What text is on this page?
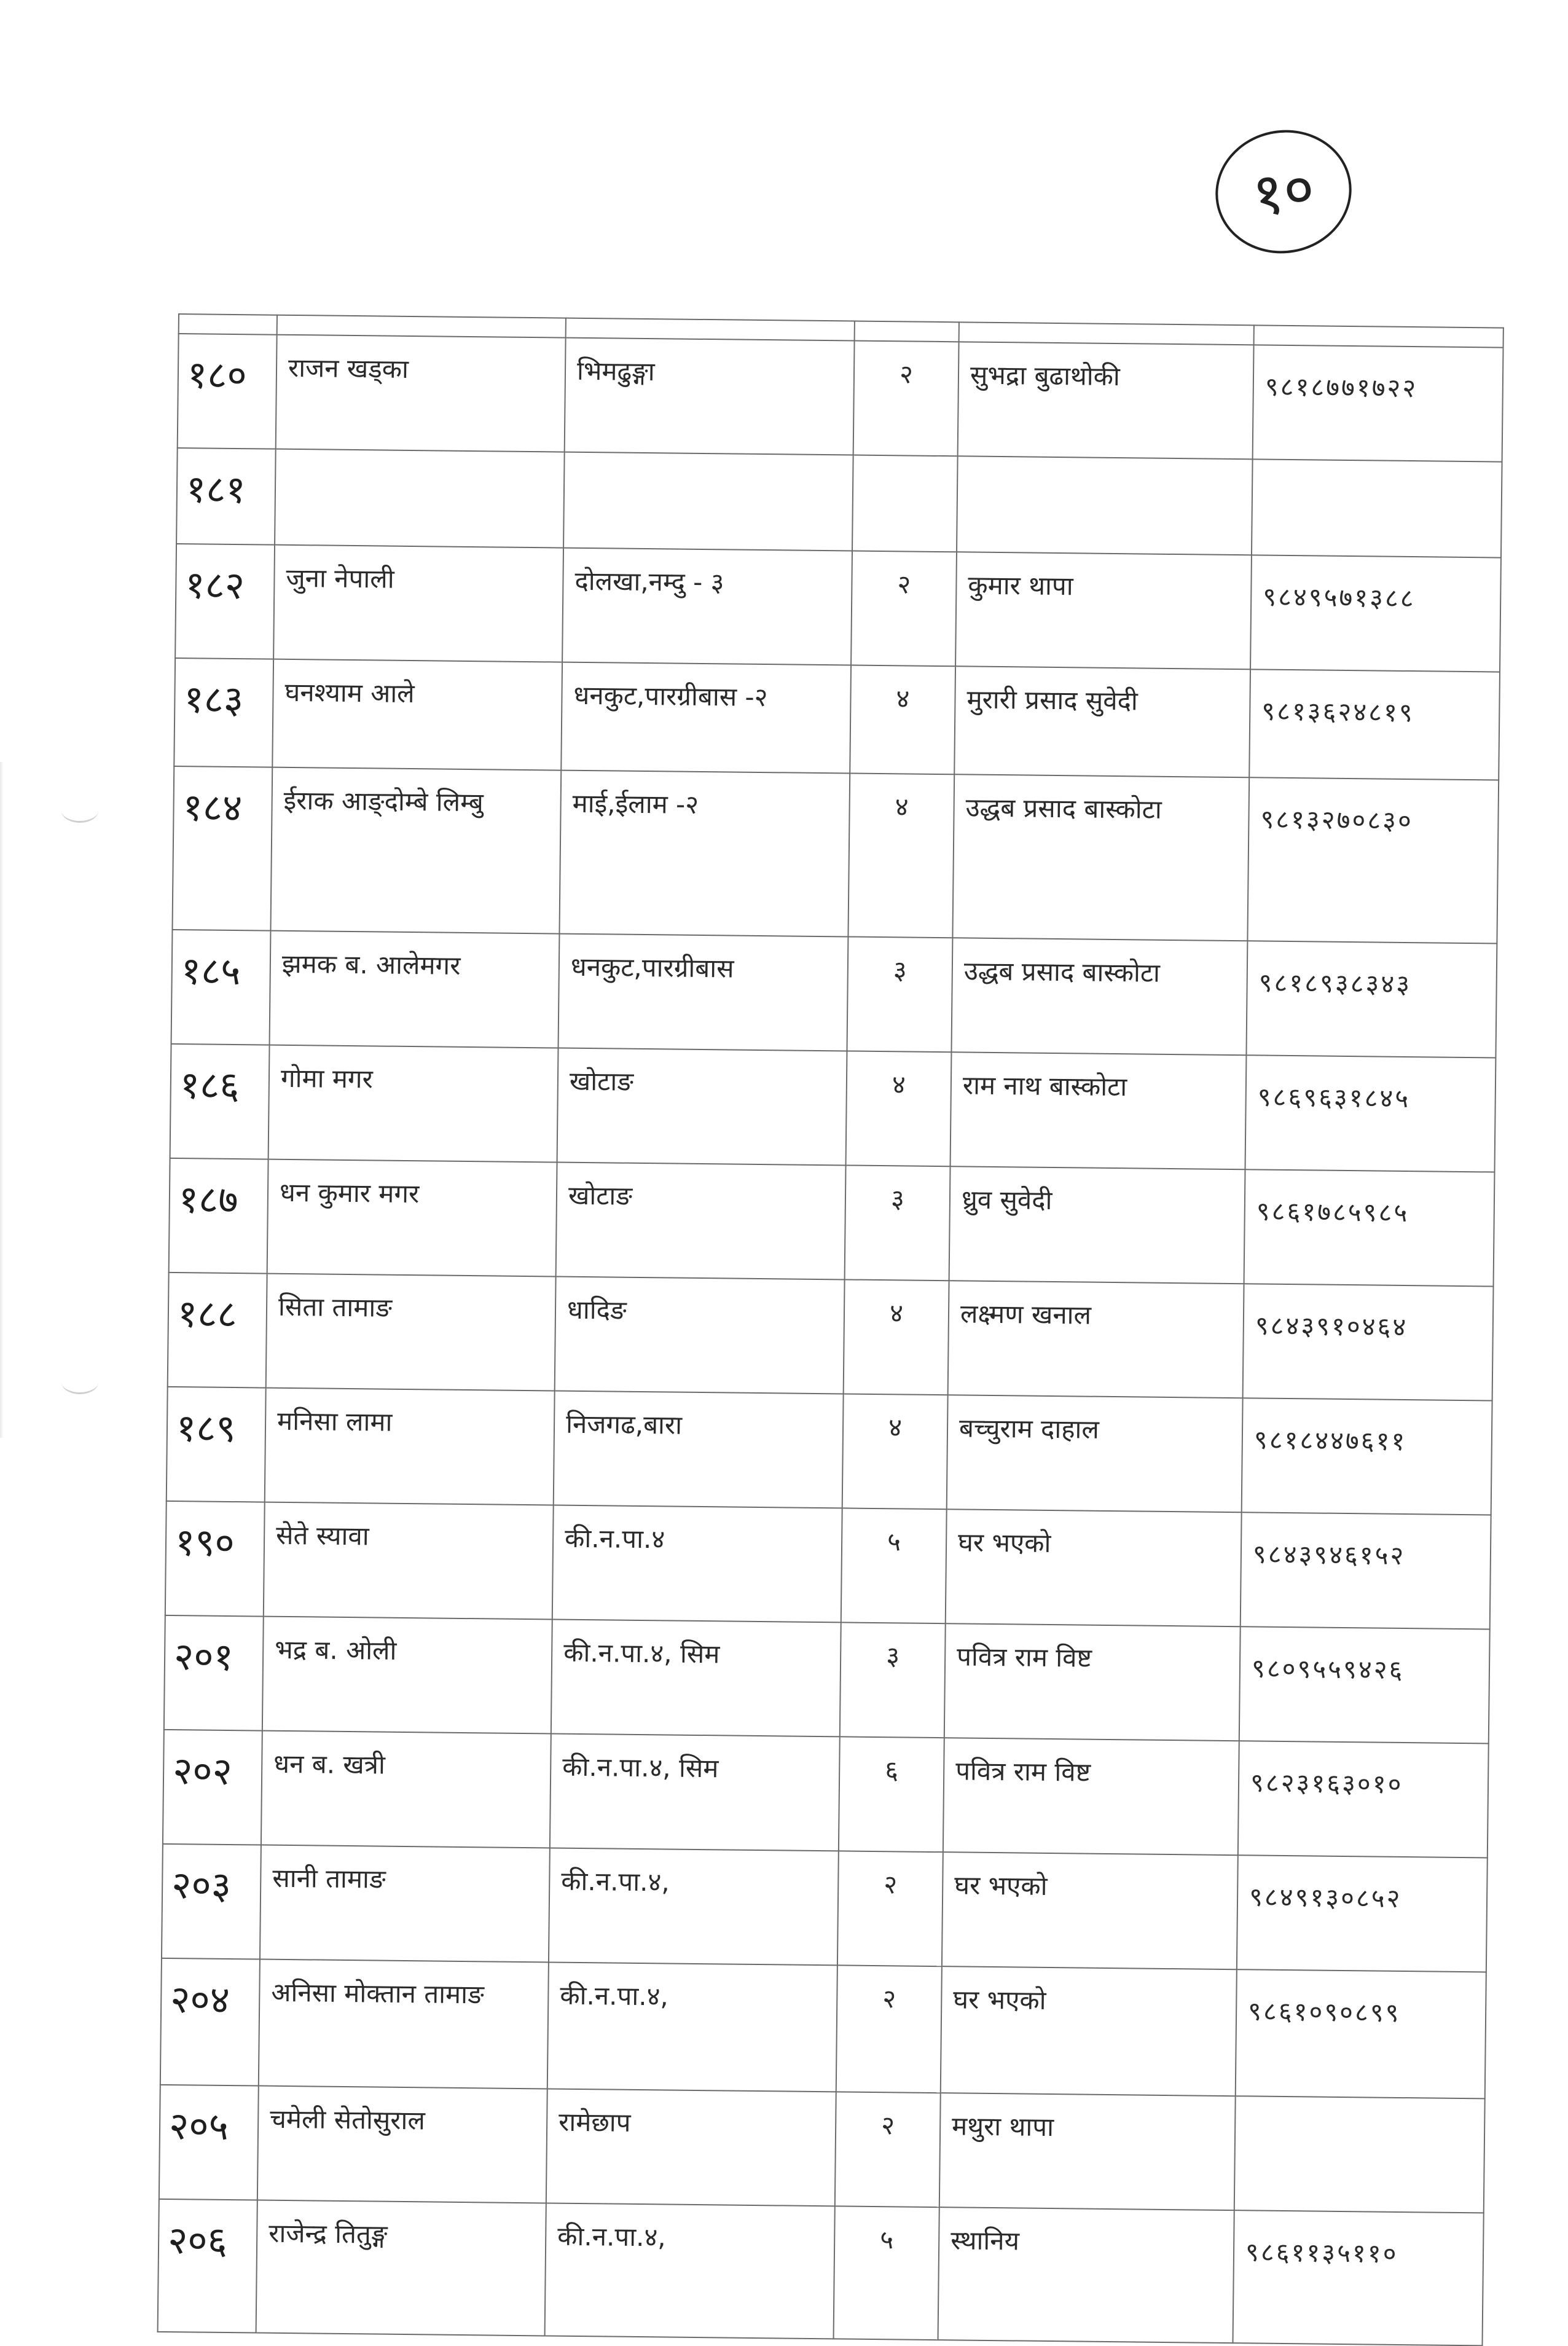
१०

१८०	राजन खड्का	भिमढुङ्गा	२	सुभद्रा बुढाथोकी	९८१८७७१७२२
१८१					
१८२	जुना नेपाली	दोलखा,नम्दु - ३	२	कुमार थापा	९८४९५७१३८८
१८३	घनश्याम आले	धनकुट,पारग्रीबास -२	४	मुरारी प्रसाद सुवेदी	९८१३६२४८१९
१८४	ईराक आङ्दोम्बे लिम्बु	माई,ईलाम -२	४	उद्धब प्रसाद बास्कोटा	९८१३२७०८३०
१८५	झमक ब. आलेमगर	धनकुट,पारग्रीबास	३	उद्धब प्रसाद बास्कोटा	९८१८९३८३४३
१८६	गोमा मगर	खोटाङ	४	राम नाथ बास्कोटा	९८६९६३१८४५
१८७	धन कुमार मगर	खोटाङ	३	ध्रुव सुवेदी	९८६१७८५९८५
१८८	सिता तामाङ	धादिङ	४	लक्ष्मण खनाल	९८४३९१०४६४
१८९	मनिसा लामा	निजगढ,बारा	४	बच्चुराम दाहाल	९८१८४४७६११
१९०	सेते स्यावा	की.न.पा.४	५	घर भएको	९८४३९४६१५२
२०१	भद्र ब. ओली	की.न.पा.४, सिम	३	पवित्र राम विष्ट	९८०९५५९४२६
२०२	धन ब. खत्री	की.न.पा.४, सिम	६	पवित्र राम विष्ट	९८२३१६३०१०
२०३	सानी तामाङ	की.न.पा.४,	२	घर भएको	९८४९१३०८५२
२०४	अनिसा मोक्तान तामाङ	की.न.पा.४,	२	घर भएको	९८६१०९०८९९
२०५	चमेली सेतोसुराल	रामेछाप	२	मथुरा थापा	
२०६	राजेन्द्र तितुङ्ग	की.न.पा.४,	५	स्थानिय	९८६११३५११०
